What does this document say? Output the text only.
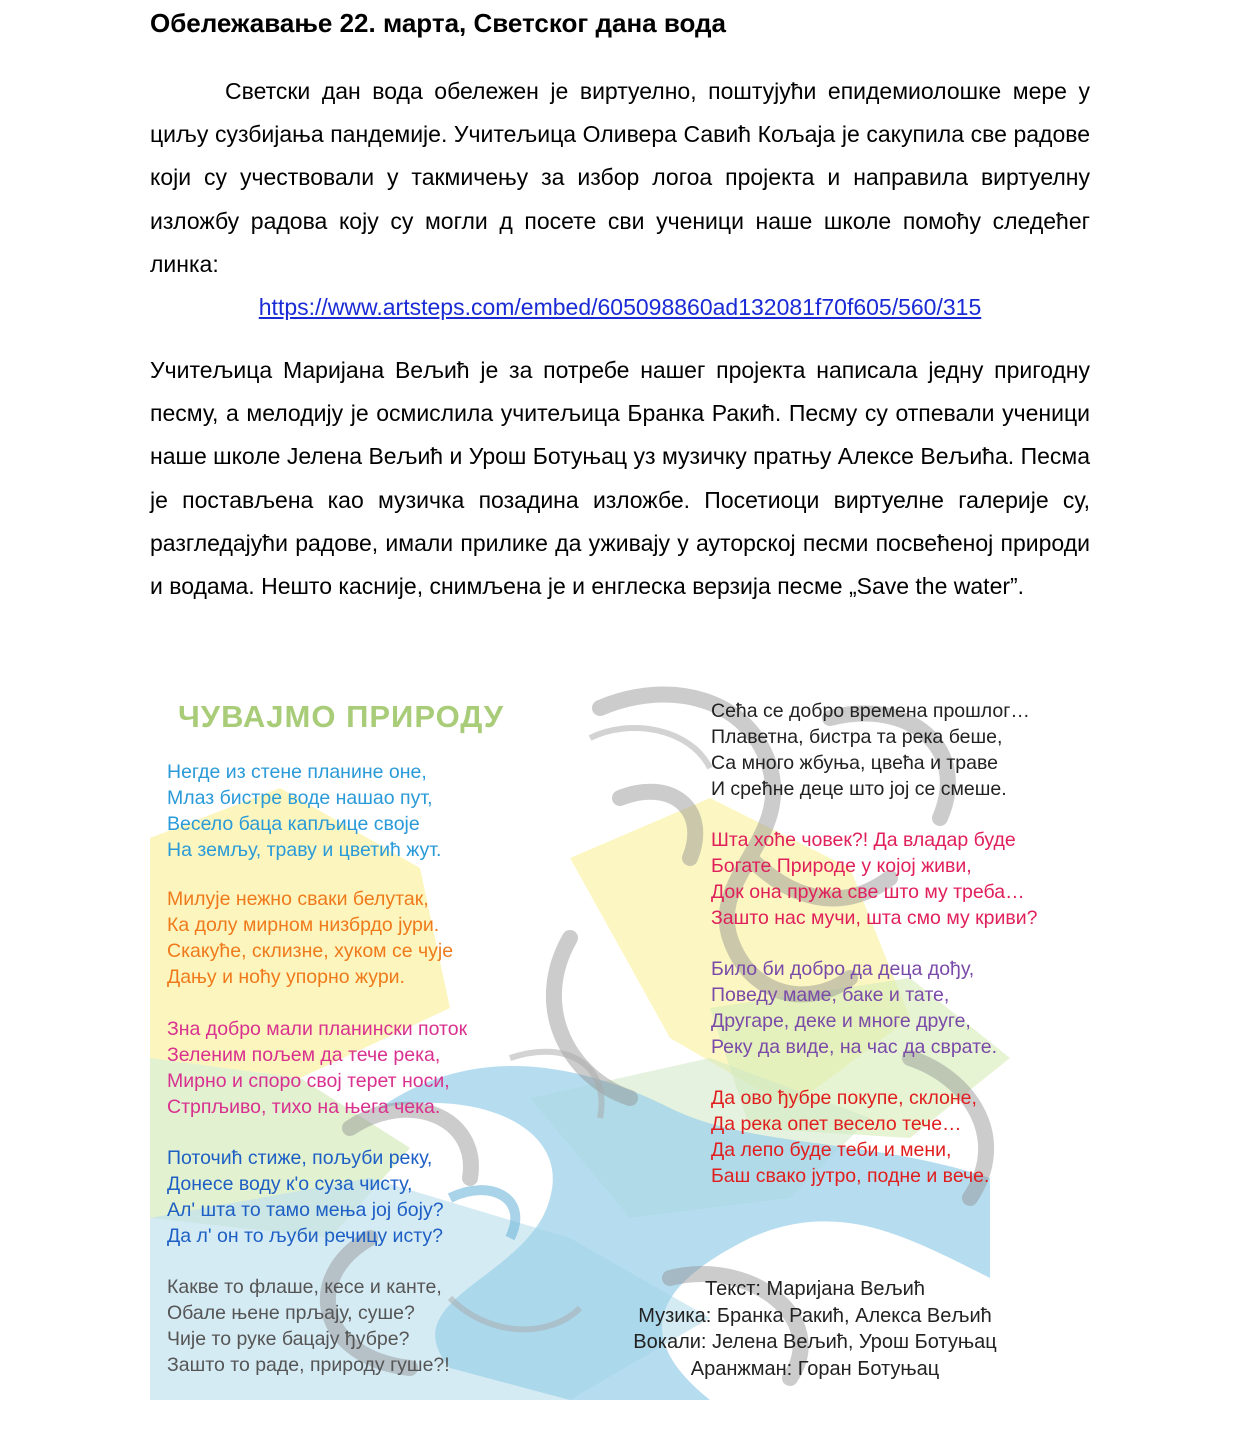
Обележавање 22. марта, Светског дана вода

Светски дан вода обележен је виртуелно, поштујући епидемиолошке мере у циљу сузбијања пандемије. Учитељица Оливера Савић Кољаја је сакупила све радове који су учествовали у такмичењу за избор логоа пројекта и направила виртуелну изложбу радова коју су могли д посете сви ученици наше школе помоћу следећег линка:

https://www.artsteps.com/embed/605098860ad132081f70f605/560/315

Учитељица Маријана Вељић је за потребе нашег пројекта написала једну пригодну песму, а мелодију је осмислила учитељица Бранка Ракић. Песму су отпевали ученици наше школе Јелена Вељић и Урош Ботуњац уз музичку пратњу Алексе Вељића. Песма је постављена као музичка позадина изложбе. Посетиоци виртуелне галерије су, разгледајући радове, имали прилике да уживају у ауторској песми посвећеној природи и водама. Нешто касније, снимљена је и енглеска верзија песме „Save the water”.

ЧУВАЈМО ПРИРОДУ
Негде из стене планине оне,
Млаз бистре воде нашао пут,
Весело баца капљице своје
На земљу, траву и цветић жут.
Милује нежно сваки белутак,
Ка долу мирном низбрдо јури.
Скакуће, склизне, хуком се чује
Дању и ноћу упорно жури.
Зна добро мали планински поток
Зеленим пољем да тече река,
Мирно и споро свој терет носи,
Стрпљиво, тихо на њега чека.
Поточић стиже, пољуби реку,
Донесе воду к'о суза чисту,
Ал' шта то тамо мења јој боју?
Да л' он то љуби речицу исту?
Какве то флаше, кесе и канте,
Обале њене прљају, суше?
Чије то руке бацају ђубре?
Зашто то раде, природу гуше?!
Сећа се добро времена прошлог…
Плаветна, бистра та река беше,
Са много жбуња, цвећа и траве
И срећне деце што јој се смеше.
Шта хоће човек?! Да владар буде
Богате Природе у којој живи,
Док она пружа све што му треба…
Зашто нас мучи, шта смо му криви?
Било би добро да деца дођу,
Поведу маме, баке и тате,
Другаре, деке и многе друге,
Реку да виде, на час да сврате.
Да ово ђубре покупе, склоне,
Да река опет весело тече…
Да лепо буде теби и мени,
Баш свако јутро, подне и вече.
Текст: Маријана Вељић
Музика: Бранка Ракић, Алекса Вељић
Вокали: Јелена Вељић, Урош Ботуњац
Аранжман: Горан Ботуњац
